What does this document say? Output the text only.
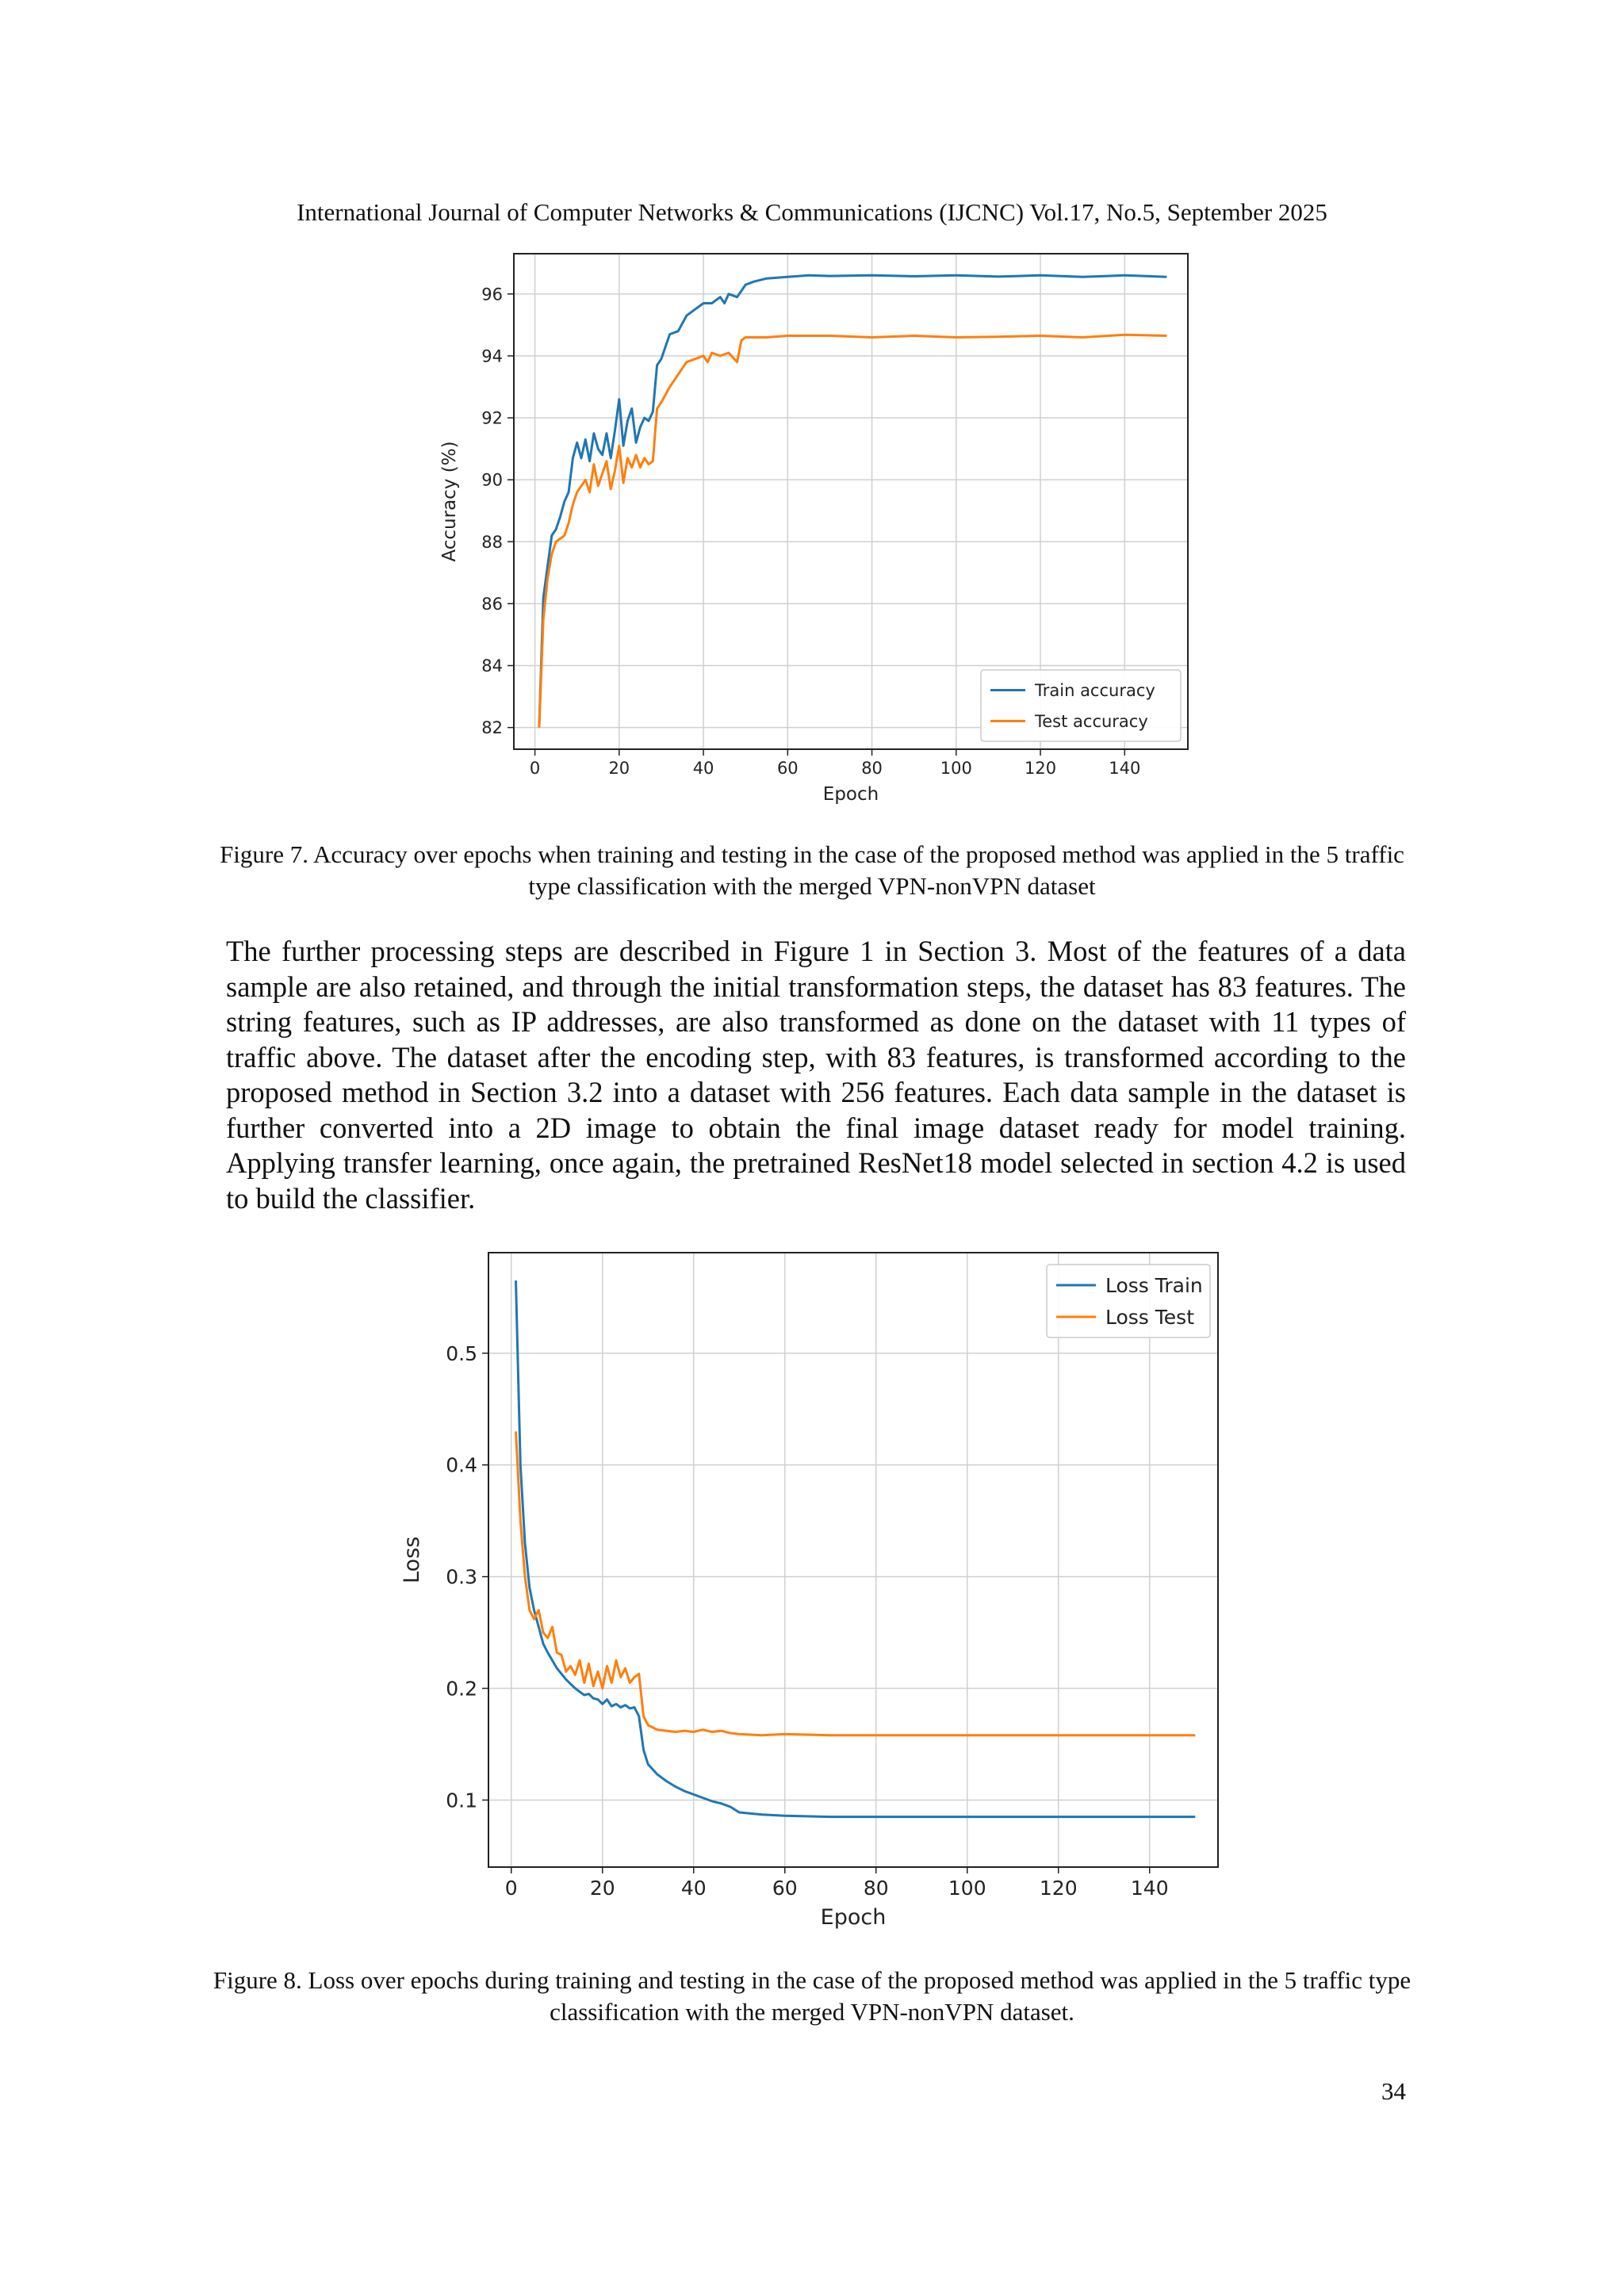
International Journal of Computer Networks & Communications (IJCNC) Vol.17, No.5, September 2025
0	20	40	60	80	100	120	140
82
84
86
88
90
92
94
96
Epoch
Accuracy (%)
Train accuracy
Test accuracy
Figure 7. Accuracy over epochs when training and testing in the case of the proposed method was applied in the 5 traffic type classification with the merged VPN-nonVPN dataset
The further processing steps are described in Figure 1 in Section 3. Most of the features of a data sample are also retained, and through the initial transformation steps, the dataset has 83 features. The string features, such as IP addresses, are also transformed as done on the dataset with 11 types of traffic above. The dataset after the encoding step, with 83 features, is transformed according to the proposed method in Section 3.2 into a dataset with 256 features. Each data sample in the dataset is further converted into a 2D image to obtain the final image dataset ready for model training. Applying transfer learning, once again, the pretrained ResNet18 model selected in section 4.2 is used to build the classifier.
0	20	40	60	80	100	120	140
0.1
0.2
0.3
0.4
0.5
Epoch
Loss
Loss Train
Loss Test
Figure 8. Loss over epochs during training and testing in the case of the proposed method was applied in the 5 traffic type classification with the merged VPN-nonVPN dataset.
34
